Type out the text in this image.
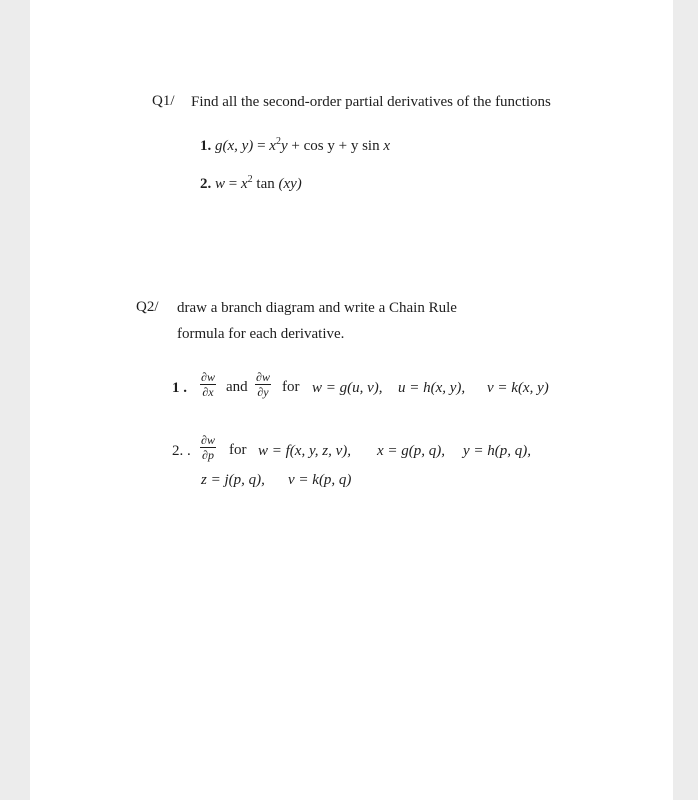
Q1/ Find all the second-order partial derivatives of the functions
1. g(x, $y) = x^2y + \cos y + y$ sin x
2. $w = x^2$ tan (xy)
Q2/ draw a branch diagram and write a Chain Rule
formula for each derivative.
1 .
∂w
∂x and
∂w
∂y for w = g(u, v), u = h(x, y), v = k(x, y)
2. .
∂w
∂p for w = f(x, y, z, v), x = g(p, q), y = h(p, q),
z = j(p, q), v = k(p, q)
